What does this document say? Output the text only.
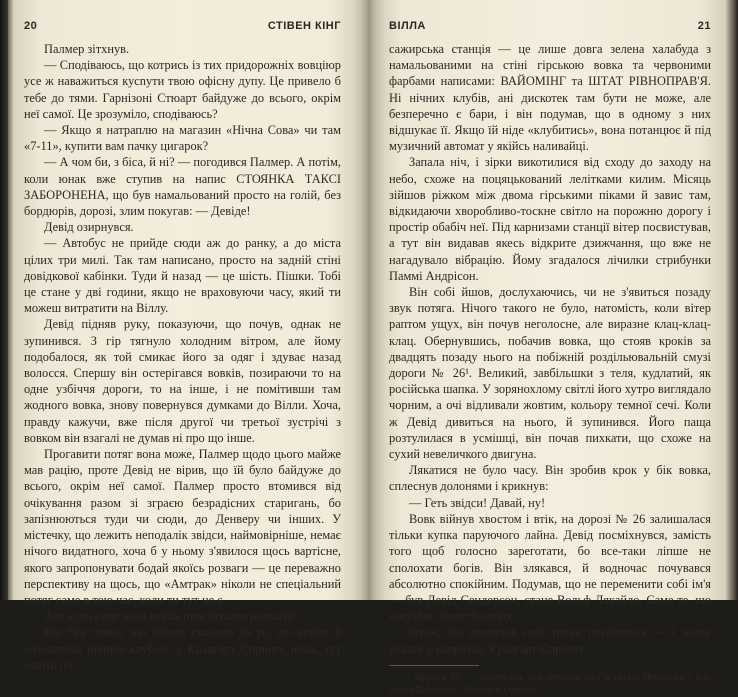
20	СТІВЕН КІНГ

Палмер зітхнув.

— Сподіваюсь, що котрись із тих придорожніх вовціюр усе ж наважиться кусnути твою офісну дупу. Це привело б тебе до тями. Гарнізоні Стюарт байдуже до всього, окрім неї самої. Це зрозуміло, сподіваюсь?

— Якщо я натраплю на магазин «Нічна Сова» чи там «7-11», купити вам пачку цигарок?

— А чом би, з біса, й ні? — погодився Палмер. А потім, коли юнак вже ступив на напис СТОЯНКА ТАКСІ ЗАБОРОНЕНА, що був намальований просто на голій, без бордюрів, дорозі, злим покугав: — Девіде!

Девід озирнувся.

— Автобус не прийде сюди аж до ранку, а до міста цілих три милі. Так там написано, просто на задній стіні довідкової кабінки. Туди й назад — це шість. Пішки. Тобі це стане у дві години, якщо не враховуючи часу, який ти можеш витратити на Віллу.

Девід підняв руку, показуючи, що почув, однак не зупинився. З гір тягнуло холодним вітром, але йому подобалося, як той смикає його за одяг і здуває назад волосся. Спершу він остерігався вовків, позираючи то на одне узбіччя дороги, то на інше, і не помітивши там жодного вовка, знову повернувся думками до Вілли. Хоча, правду кажучи, вже після другої чи третьої зустрічі з вовком він взагалі не думав ні про що інше.

Прогавити потяг вона може, Палмер щодо цього майже мав рацію, проте Девід не вірив, що їй було байдуже до всього, окрім неї самої. Палмер просто втомився від очікування разом зі зграєю безрадісних старигань, бо запізнюються туди чи сюди, до Денверу чи інших. У містечку, що лежить неподалік звідси, наймовірніше, немає нічого видатного, хоча б у ньому з'явилося щось вартісне, якого запропонувати бодай якоїсь розваги — це переважно перспективу на щось, що «Амтрак» ніколи не спеціальний потяг саме в тою час, коли ти тут не є.

Але куди саме вона могла піти шукати розваги?

Він був певен, що нічого схожого на те, що могло б називатися нічним клубом, у Кравгарт Спрингс нема, тут навіть по-

ВІЛЛА	21

сажирська станція — це лише довга зелена халабуда з намальованими на стіні гірською вовка та червоними фарбами написами: ВАЙОМІНГ та ШТАТ РІВНОПРАВ'Я. Ні нічних клубів, ані дискотек там бути не може, але безперечно є бари, і він подумав, що в одному з них відшукає її. Якщо їй ніде «клубитись», вона потанцює й під музичний автомат у якійсь наливайці.

Запала ніч, і зірки викотилися від сходу до заходу на небо, схоже на поцяцькований лелітками килим. Місяць зійшов ріжком між двома гірськими піками й завис там, відкидаючи хворобливо-тоскне світло на порожню дорогу і простір обабіч неї. Під карнизами станції вітер посвистував, а тут він видавав якесь відкрите дзижчання, що вже не нагадувало вібрацію. Йому згадалося лічилки стрибунки Паммі Андрісон.

Він собі йшов, дослухаючись, чи не з'явиться позаду звук потяга. Нічого такого не було, натомість, коли вітер раптом ущух, він почув неголосне, але виразне клац-клац-клац. Обернувшись, побачив вовка, що стояв кроків за двадцять позаду нього на побіжній роздільювальній смузі дороги № 26¹. Великий, завбільшки з теля, кудлатий, як російська шапка. У зорянохлому світлі його хутро виглядало чорним, а очі відливали жовтим, кольору темної сечі. Коли ж Девід дивиться на нього, й зупинився. Його паща розтулилася в усмішці, він почав пихкати, що схоже на сухий невеличкого двигуна.

Лякатися не було часу. Він зробив крок у бік вовка, сплеснув долонями і крикнув:

— Геть звідси! Давай, ну!

Вовк війнув хвостом і втік, на дорозі № 26 залишалася тільки купка паруючого лайна. Девід посміхнувся, замість того щоб голосно зареготати, бо все-таки ліпше не сполохати богів. Він злякався, й водночас почувався абсолютно спокійним. Подумав, що не переменити собі ім'я — був Девід Сендерсон, стане Вольф Лякайло. Саме те, що потрібно інвестбанкіру.

Отже, він дозволив собі трохи посміятися — і знову рушив у напрямку Кравгарт Спрингс.

¹ Дорога 26 — автотраса, що починається в штаті Небраска і йде через Вайомінг, Айдахо й Орегон.
